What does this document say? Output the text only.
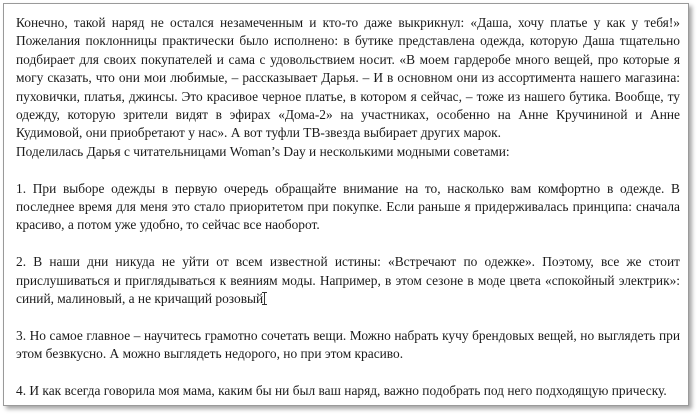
Конечно, такой наряд не остался незамеченным и кто-то даже выкрикнул: «Даша, хочу платье у как у тебя!» Пожелания поклонницы практически было исполнено: в бутике представлена одежда, которую Даша тщательно подбирает для своих покупателей и сама с удовольствием носит. «В моем гардеробе много вещей, про которые я могу сказать, что они мои любимые, – рассказывает Дарья. – И в основном они из ассортимента нашего магазина: пуховички, платья, джинсы. Это красивое черное платье, в котором я сейчас, – тоже из нашего бутика. Вообще, ту одежду, которую зрители видят в эфирах «Дома-2» на участниках, особенно на Анне Кручининой и Анне Кудимовой, они приобретают у нас». А вот туфли ТВ-звезда выбирает других марок.

Поделилась Дарья с читательницами Woman’s Day и несколькими модными советами:

1. При выборе одежды в первую очередь обращайте внимание на то, насколько вам комфортно в одежде. В последнее время для меня это стало приоритетом при покупке. Если раньше я придерживалась принципа: сначала красиво, а потом уже удобно, то сейчас все наоборот.

2. В наши дни никуда не уйти от всем известной истины: «Встречают по одежке». Поэтому, все же стоит прислушиваться и приглядываться к веяниям моды. Например, в этом сезоне в моде цвета «спокойный электрик»: синий, малиновый, а не кричащий розовый

3. Но самое главное – научитесь грамотно сочетать вещи. Можно набрать кучу брендовых вещей, но выглядеть при этом безвкусно. А можно выглядеть недорого, но при этом красиво.

4. И как всегда говорила моя мама, каким бы ни был ваш наряд, важно подобрать под него подходящую прическу.
